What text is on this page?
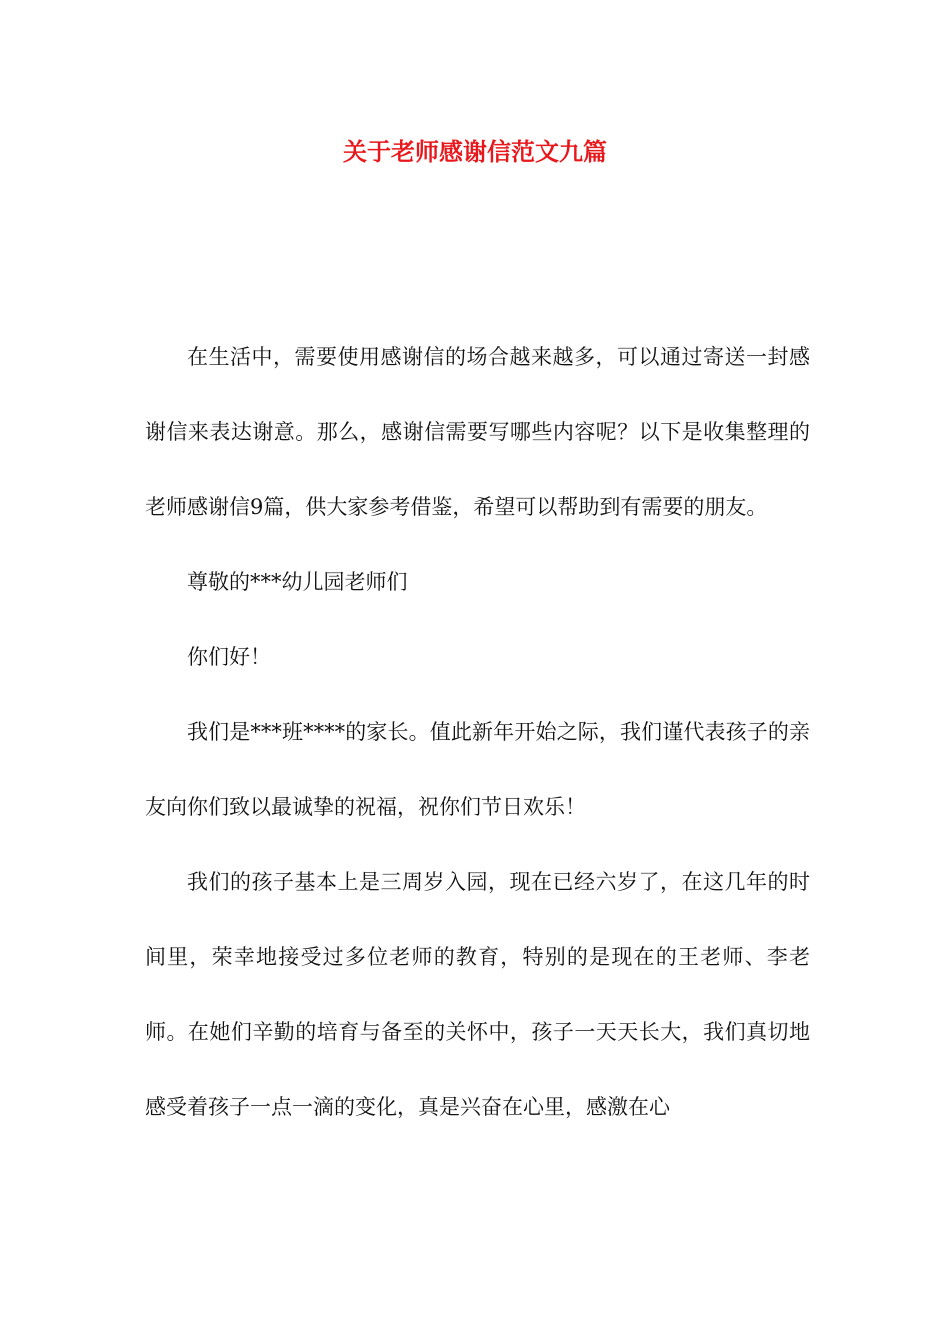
关于老师感谢信范文九篇

在生活中，需要使用感谢信的场合越来越多，可以通过寄送一封感谢信来表达谢意。那么，感谢信需要写哪些内容呢？以下是收集整理的老师感谢信9篇，供大家参考借鉴，希望可以帮助到有需要的朋友。

尊敬的***幼儿园老师们

你们好！

我们是***班****的家长。值此新年开始之际，我们谨代表孩子的亲友向你们致以最诚挚的祝福，祝你们节日欢乐！

我们的孩子基本上是三周岁入园，现在已经六岁了，在这几年的时间里，荣幸地接受过多位老师的教育，特别的是现在的王老师、李老师。在她们辛勤的培育与备至的关怀中，孩子一天天长大，我们真切地感受着孩子一点一滴的变化，真是兴奋在心里，感激在心
